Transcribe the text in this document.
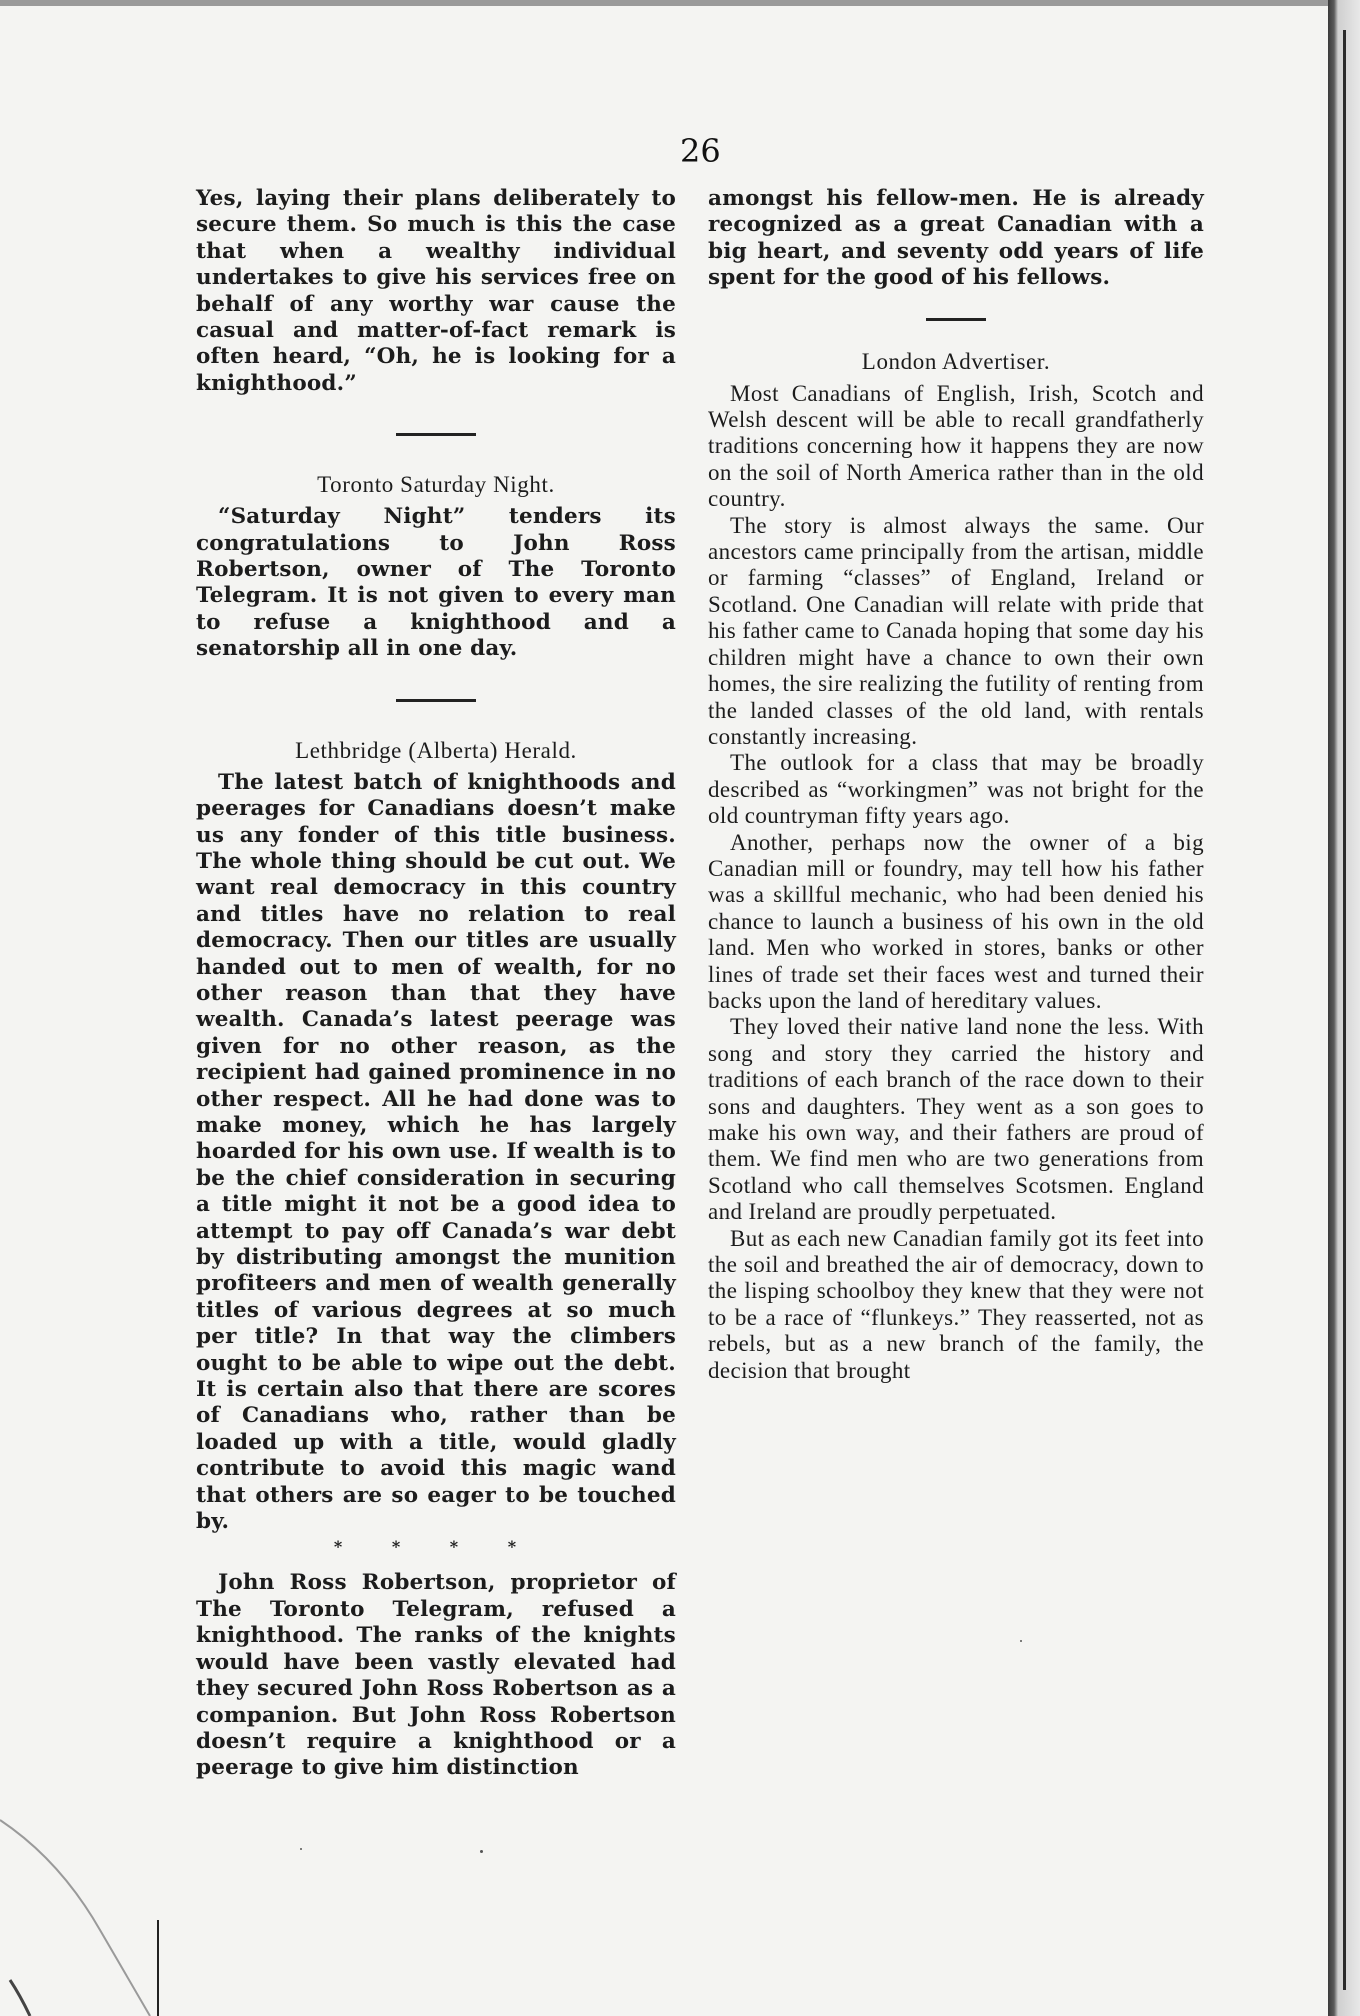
26

Yes, laying their plans deliberately to secure them. So much is this the case that when a wealthy individual undertakes to give his services free on behalf of any worthy war cause the casual and matter-of-fact remark is often heard, “Oh, he is looking for a knighthood.”

Toronto Saturday Night.

“Saturday Night” tenders its congratulations to John Ross Robertson, owner of The Toronto Telegram. It is not given to every man to refuse a knighthood and a senatorship all in one day.

Lethbridge (Alberta) Herald.

The latest batch of knighthoods and peerages for Canadians doesn’t make us any fonder of this title business. The whole thing should be cut out. We want real democracy in this country and titles have no relation to real democracy. Then our titles are usually handed out to men of wealth, for no other reason than that they have wealth. Canada’s latest peerage was given for no other reason, as the recipient had gained prominence in no other respect. All he had done was to make money, which he has largely hoarded for his own use. If wealth is to be the chief consideration in securing a title might it not be a good idea to attempt to pay off Canada’s war debt by distributing amongst the munition profiteers and men of wealth generally titles of various degrees at so much per title? In that way the climbers ought to be able to wipe out the debt. It is certain also that there are scores of Canadians who, rather than be loaded up with a title, would gladly contribute to avoid this magic wand that others are so eager to be touched by.

* * * *

John Ross Robertson, proprietor of The Toronto Telegram, refused a knighthood. The ranks of the knights would have been vastly elevated had they secured John Ross Robertson as a companion. But John Ross Robertson doesn’t require a knighthood or a peerage to give him distinction

amongst his fellow-men. He is already recognized as a great Canadian with a big heart, and seventy odd years of life spent for the good of his fellows.

London Advertiser.

Most Canadians of English, Irish, Scotch and Welsh descent will be able to recall grandfatherly traditions concerning how it happens they are now on the soil of North America rather than in the old country.

The story is almost always the same. Our ancestors came principally from the artisan, middle or farming “classes” of England, Ireland or Scotland. One Canadian will relate with pride that his father came to Canada hoping that some day his children might have a chance to own their own homes, the sire realizing the futility of renting from the landed classes of the old land, with rentals constantly increasing.

The outlook for a class that may be broadly described as “workingmen” was not bright for the old countryman fifty years ago.

Another, perhaps now the owner of a big Canadian mill or foundry, may tell how his father was a skillful mechanic, who had been denied his chance to launch a business of his own in the old land. Men who worked in stores, banks or other lines of trade set their faces west and turned their backs upon the land of hereditary values.

They loved their native land none the less. With song and story they carried the history and traditions of each branch of the race down to their sons and daughters. They went as a son goes to make his own way, and their fathers are proud of them. We find men who are two generations from Scotland who call themselves Scotsmen. England and Ireland are proudly perpetuated.

But as each new Canadian family got its feet into the soil and breathed the air of democracy, down to the lisping schoolboy they knew that they were not to be a race of “flunkeys.” They reasserted, not as rebels, but as a new branch of the family, the decision that brought
